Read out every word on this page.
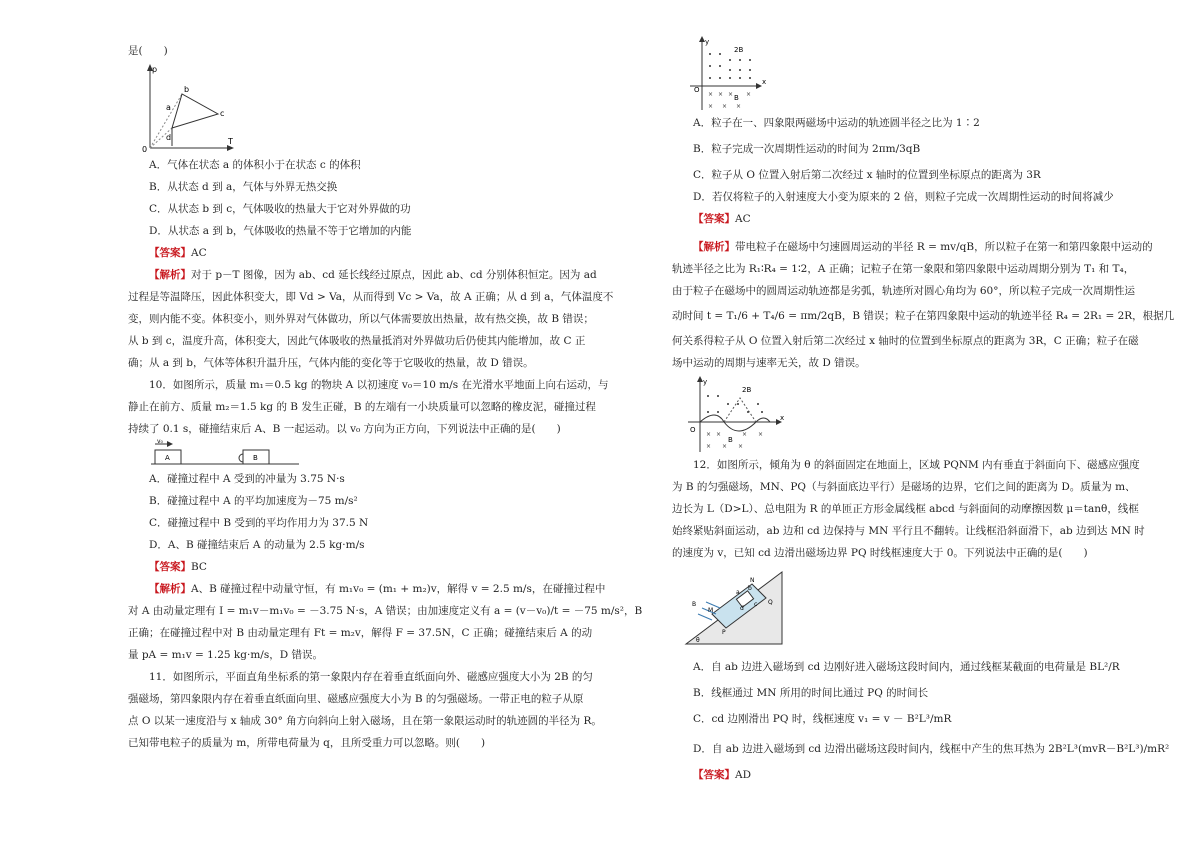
是(　　)
p
T
0
b
a
c
d
A．气体在状态 a 的体积小于在状态 c 的体积
B．从状态 d 到 a，气体与外界无热交换
C．从状态 b 到 c，气体吸收的热量大于它对外界做的功
D．从状态 a 到 b，气体吸收的热量不等于它增加的内能
【答案】AC
【解析】对于 p－T 图像，因为 ab、cd 延长线经过原点，因此 ab、cd 分别体积恒定。因为 ad
过程是等温降压，因此体积变大，即 Vd > Va，从而得到 Vc > Va，故 A 正确；从 d 到 a，气体温度不
变，则内能不变。体积变小，则外界对气体做功，所以气体需要放出热量，故有热交换，故 B 错误；
从 b 到 c，温度升高，体积变大，因此气体吸收的热量抵消对外界做功后仍使其内能增加，故 C 正
确；从 a 到 b，气体等体积升温升压，气体内能的变化等于它吸收的热量，故 D 错误。
10．如图所示，质量 m₁＝0.5 kg 的物块 A 以初速度 v₀＝10 m/s 在光滑水平地面上向右运动，与
静止在前方、质量 m₂＝1.5 kg 的 B 发生正碰，B 的左端有一小块质量可以忽略的橡皮泥，碰撞过程
持续了 0.1 s，碰撞结束后 A、B 一起运动。以 v₀ 方向为正方向，下列说法中正确的是(　　)
v₀
A	B
A．碰撞过程中 A 受到的冲量为 3.75 N·s
B．碰撞过程中 A 的平均加速度为－75 m/s²
C．碰撞过程中 B 受到的平均作用力为 37.5 N
D．A、B 碰撞结束后 A 的动量为 2.5 kg·m/s
【答案】BC
【解析】A、B 碰撞过程中动量守恒，有 m₁v₀ = (m₁ + m₂)v，解得 v = 2.5 m/s，在碰撞过程中
对 A 由动量定理有 I = m₁v－m₁v₀ = －3.75 N·s，A 错误；由加速度定义有 a = (v－v₀)/t = －75 m/s²，B
正确；在碰撞过程中对 B 由动量定理有 Ft = m₂v，解得 F = 37.5N，C 正确；碰撞结束后 A 的动
量 pA = m₁v = 1.25 kg·m/s，D 错误。
11．如图所示，平面直角坐标系的第一象限内存在着垂直纸面向外、磁感应强度大小为 2B 的匀
强磁场，第四象限内存在着垂直纸面向里、磁感应强度大小为 B 的匀强磁场。一带正电的粒子从原
点 O 以某一速度沿与 x 轴成 30° 角方向斜向上射入磁场，且在第一象限运动时的轨迹圆的半径为 R。
已知带电粒子的质量为 m，所带电荷量为 q，且所受重力可以忽略。则(　　)
y
x
O
2B
B
× × × ×
× × ×
A．粒子在一、四象限两磁场中运动的轨迹圆半径之比为 1∶2
B．粒子完成一次周期性运动的时间为 2πm/3qB
C．粒子从 O 位置入射后第二次经过 x 轴时的位置到坐标原点的距离为 3R
D．若仅将粒子的入射速度大小变为原来的 2 倍，则粒子完成一次周期性运动的时间将减少
【答案】AC
【解析】带电粒子在磁场中匀速圆周运动的半径 R = mv/qB，所以粒子在第一和第四象限中运动的
轨迹半径之比为 R₁∶R₄ = 1∶2，A 正确；记粒子在第一象限和第四象限中运动周期分别为 T₁ 和 T₄，
由于粒子在磁场中的圆周运动轨迹都是劣弧，轨迹所对圆心角均为 60°，所以粒子完成一次周期性运
动时间 t = T₁/6 + T₄/6 = πm/2qB，B 错误；粒子在第四象限中运动的轨迹半径 R₄ = 2R₁ = 2R，根据几
何关系得粒子从 O 位置入射后第二次经过 x 轴时的位置到坐标原点的距离为 3R，C 正确；粒子在磁
场中运动的周期与速率无关，故 D 错误。
y
x
O
2B
B
× ×	× ×
× × ×
12．如图所示，倾角为 θ 的斜面固定在地面上，区域 PQNM 内有垂直于斜面向下、磁感应强度
为 B 的匀强磁场，MN、PQ（与斜面底边平行）是磁场的边界，它们之间的距离为 D。质量为 m、
边长为 L（D>L）、总电阻为 R 的单匝正方形金属线框 abcd 与斜面间的动摩擦因数 μ＝tanθ，线框
始终紧贴斜面运动，ab 边和 cd 边保持与 MN 平行且不翻转。让线框沿斜面滑下，ab 边到达 MN 时
的速度为 v，已知 cd 边滑出磁场边界 PQ 时线框速度大于 0。下列说法中正确的是(　　)
M
N
P
Q
a
b
c
d
B
θ
A．自 ab 边进入磁场到 cd 边刚好进入磁场这段时间内，通过线框某截面的电荷量是 BL²/R
B．线框通过 MN 所用的时间比通过 PQ 的时间长
C．cd 边刚滑出 PQ 时，线框速度 v₁ = v － B²L³/mR
D．自 ab 边进入磁场到 cd 边滑出磁场这段时间内，线框中产生的焦耳热为 2B²L³(mvR－B²L³)/mR²
【答案】AD
